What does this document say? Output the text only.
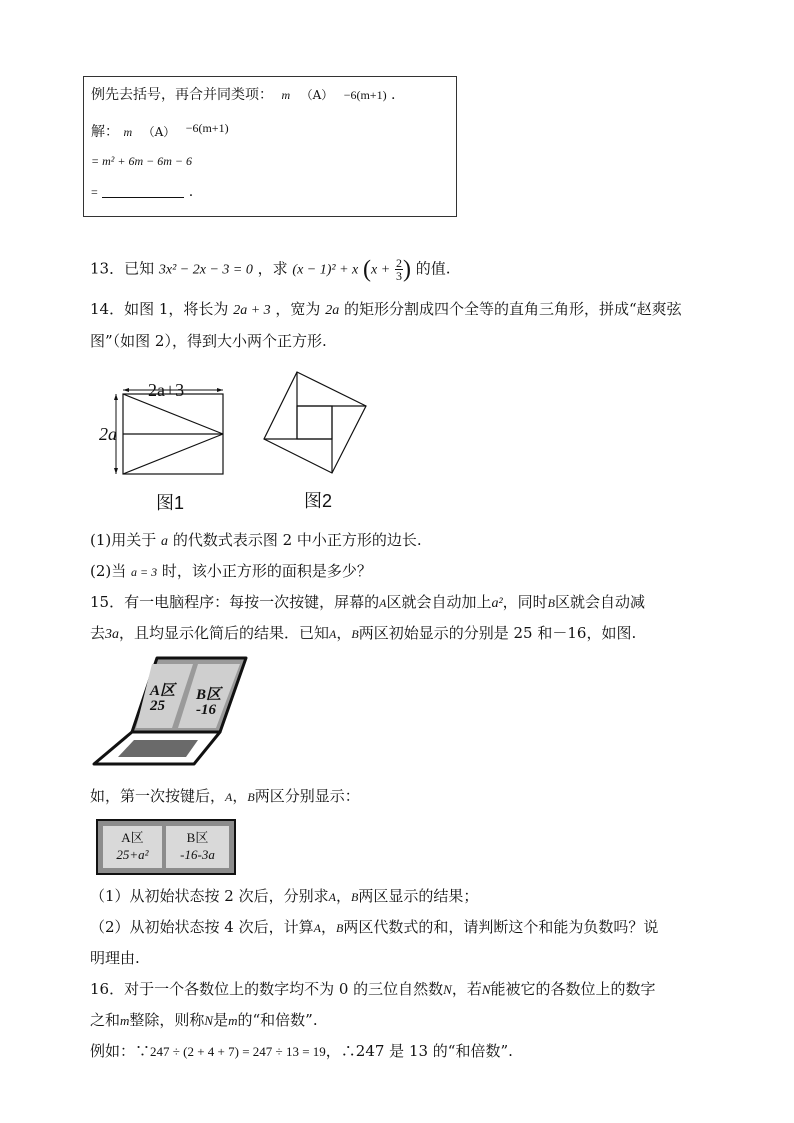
例先去括号，再合并同类项： m （A） −6(m+1) .
解： m （A） −6(m+1)
= m² + 6m − 6m − 6
=	.
13．已知 3x² − 2x − 3 = 0 ，求 (x − 1)² + x ($x + \frac{2}{3}$ ) 的值.
14．如图 1，将长为 2a + 3 ，宽为 2a 的矩形分割成四个全等的直角三角形，拼成“赵爽弦
图”（如图 2），得到大小两个正方形.
2a+3
2a
图1	图2
(1)用关于 a 的代数式表示图 2 中小正方形的边长.
(2)当 a = 3 时，该小正方形的面积是多少？
15．有一电脑程序：每按一次按键，屏幕的A区就会自动加上a²，同时B区就会自动减
去3a，且均显示化简后的结果．已知A，B两区初始显示的分别是 25 和－16，如图.
A区
25
B区
-16
如，第一次按键后，A，B两区分别显示：
A区
25+a²
B区
-16-3a
（1）从初始状态按 2 次后，分别求A，B两区显示的结果；
（2）从初始状态按 4 次后，计算A，B两区代数式的和，请判断这个和能为负数吗？说
明理由.
16．对于一个各数位上的数字均不为 0 的三位自然数N，若N能被它的各数位上的数字
之和m整除，则称N是m的“和倍数”.
例如：∵247 ÷ (2 + 4 + 7) = 247 ÷ 13 = 19，∴247 是 13 的“和倍数”.
